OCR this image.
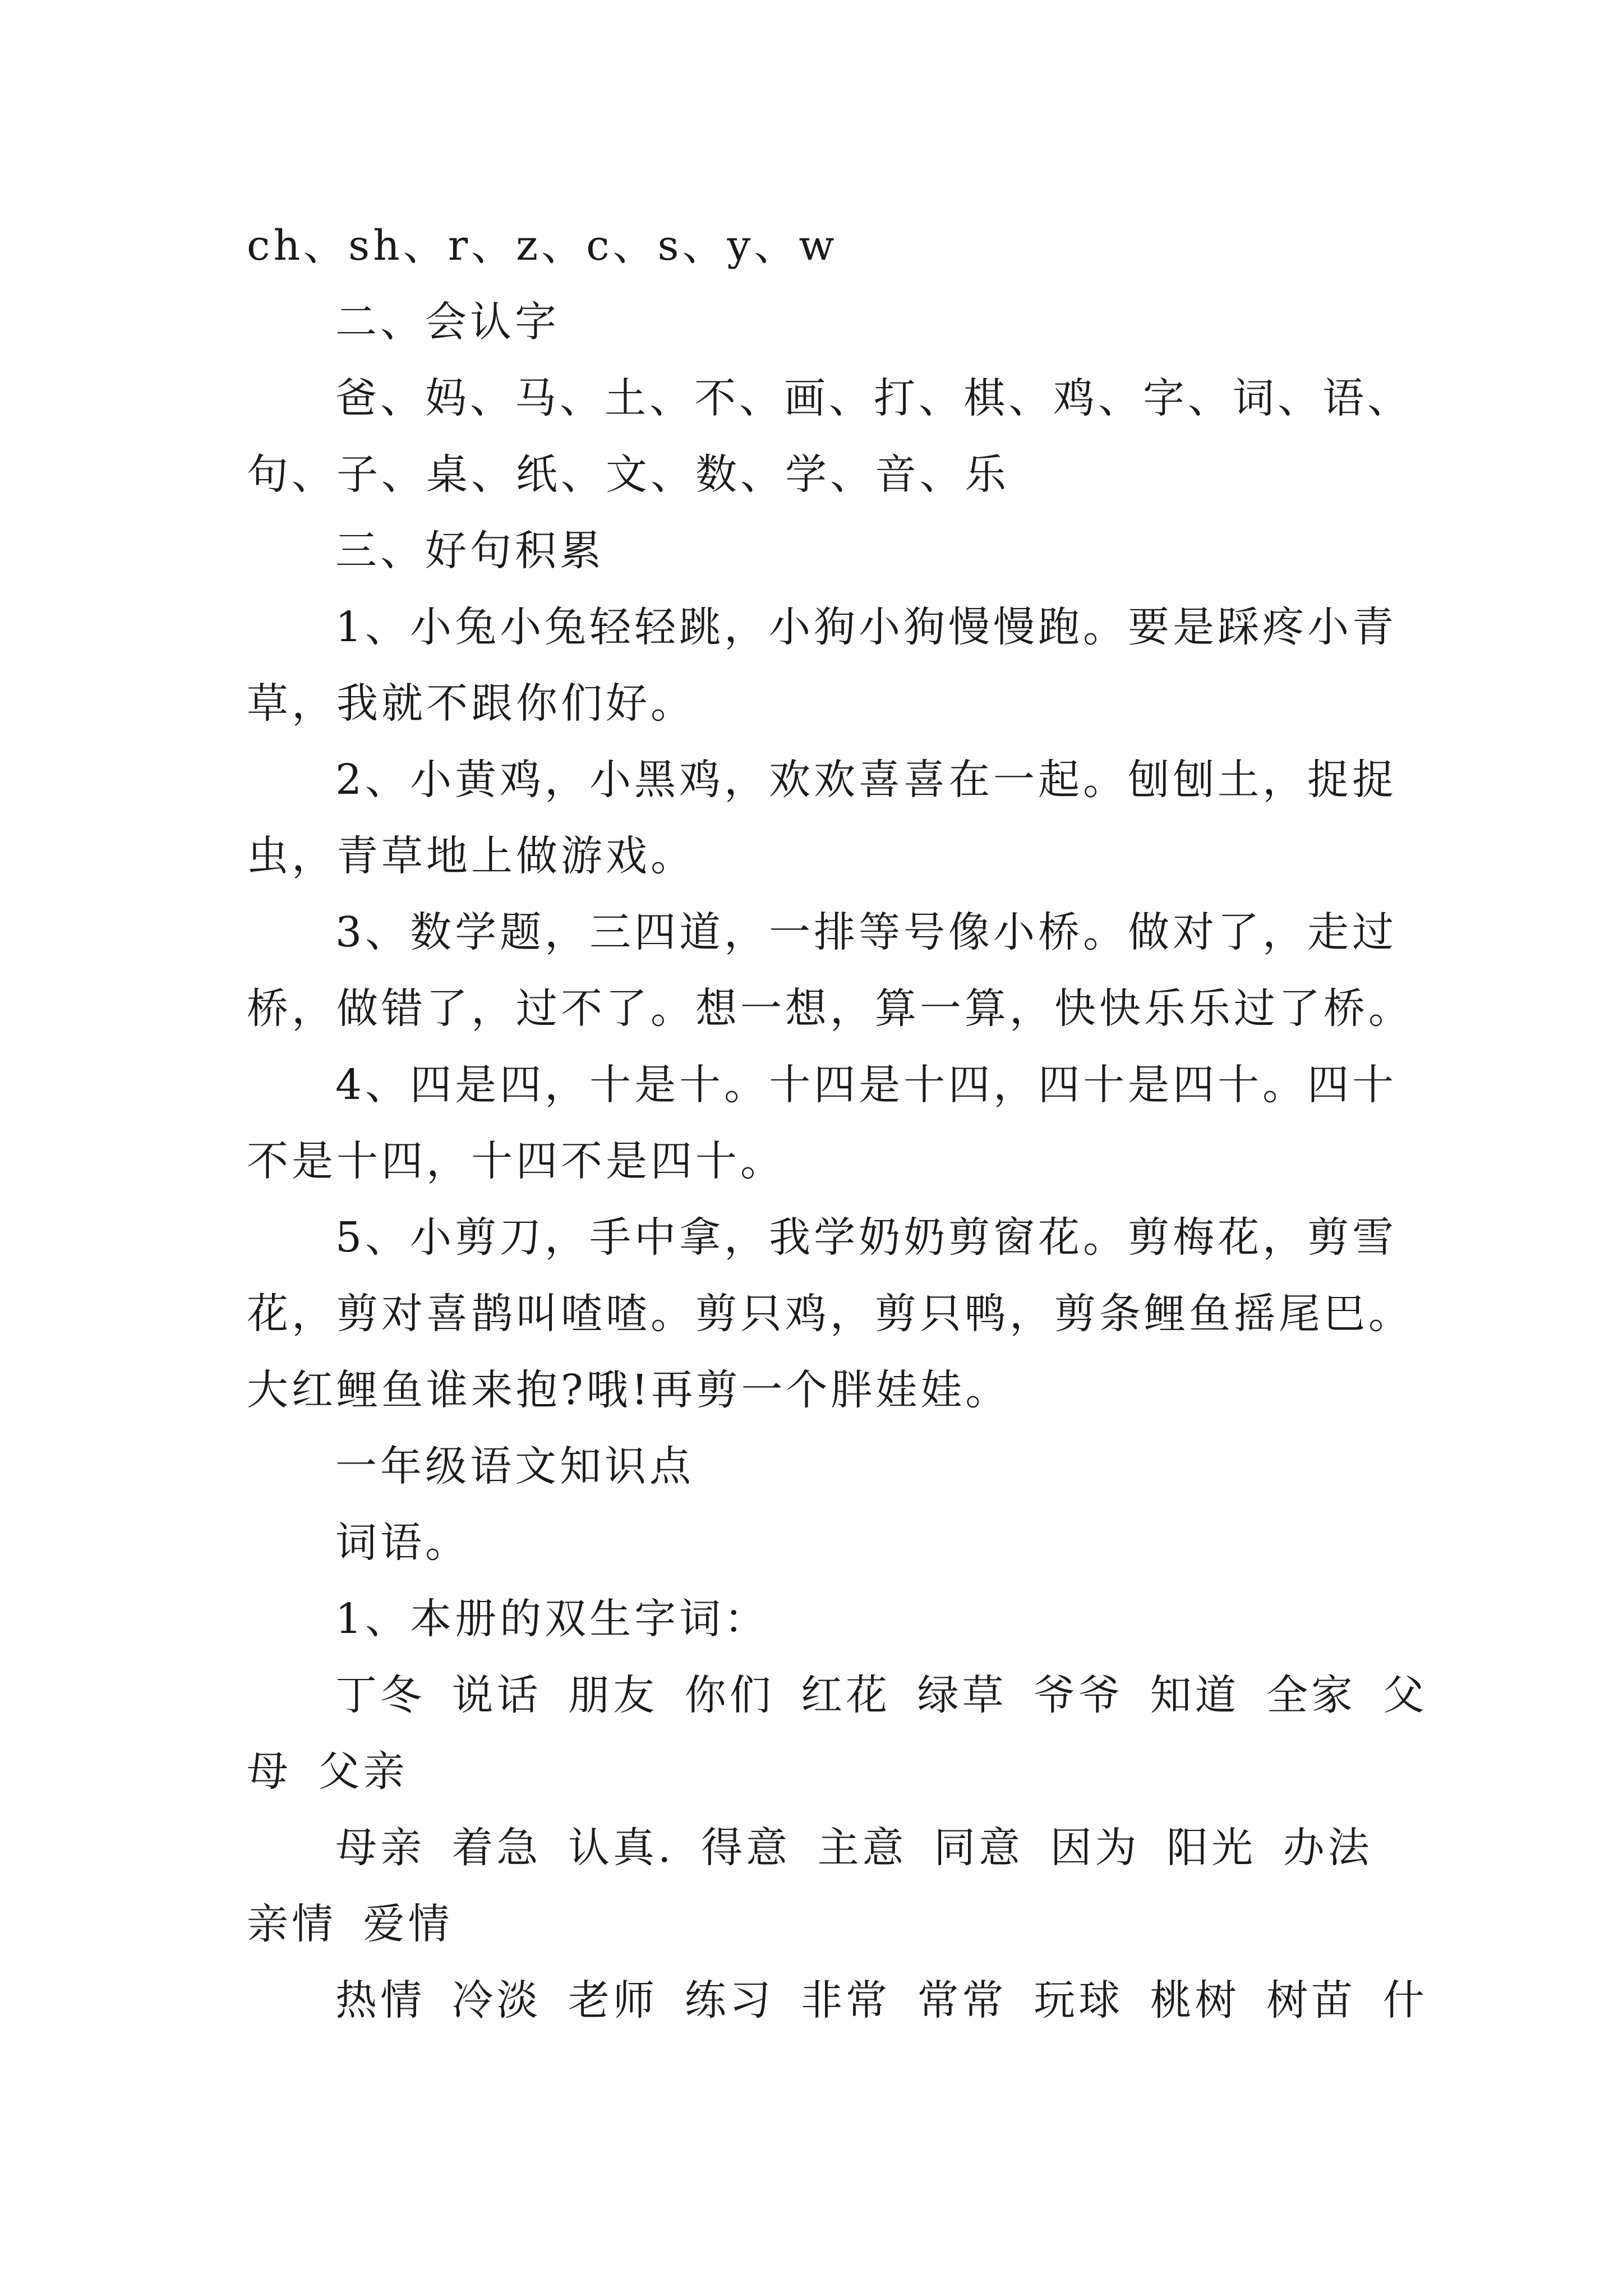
ch、sh、r、z、c、s、y、w
二、会认字
爸、妈、马、土、不、画、打、棋、鸡、字、词、语、
句、子、桌、纸、文、数、学、音、乐
三、好句积累
1、小兔小兔轻轻跳，小狗小狗慢慢跑。要是踩疼小青
草，我就不跟你们好。
2、小黄鸡，小黑鸡，欢欢喜喜在一起。刨刨土，捉捉
虫，青草地上做游戏。
3、数学题，三四道，一排等号像小桥。做对了，走过
桥，做错了，过不了。想一想，算一算，快快乐乐过了桥。
4、四是四，十是十。十四是十四，四十是四十。四十
不是十四，十四不是四十。
5、小剪刀，手中拿，我学奶奶剪窗花。剪梅花，剪雪
花，剪对喜鹊叫喳喳。剪只鸡，剪只鸭，剪条鲤鱼摇尾巴。
大红鲤鱼谁来抱?哦!再剪一个胖娃娃。
一年级语文知识点
词语。
1、本册的双生字词：
丁冬 说话 朋友 你们 红花 绿草 爷爷 知道 全家 父
母 父亲
母亲 着急 认真. 得意 主意 同意 因为 阳光 办法
亲情 爱情
热情 冷淡 老师 练习 非常 常常 玩球 桃树 树苗 什
